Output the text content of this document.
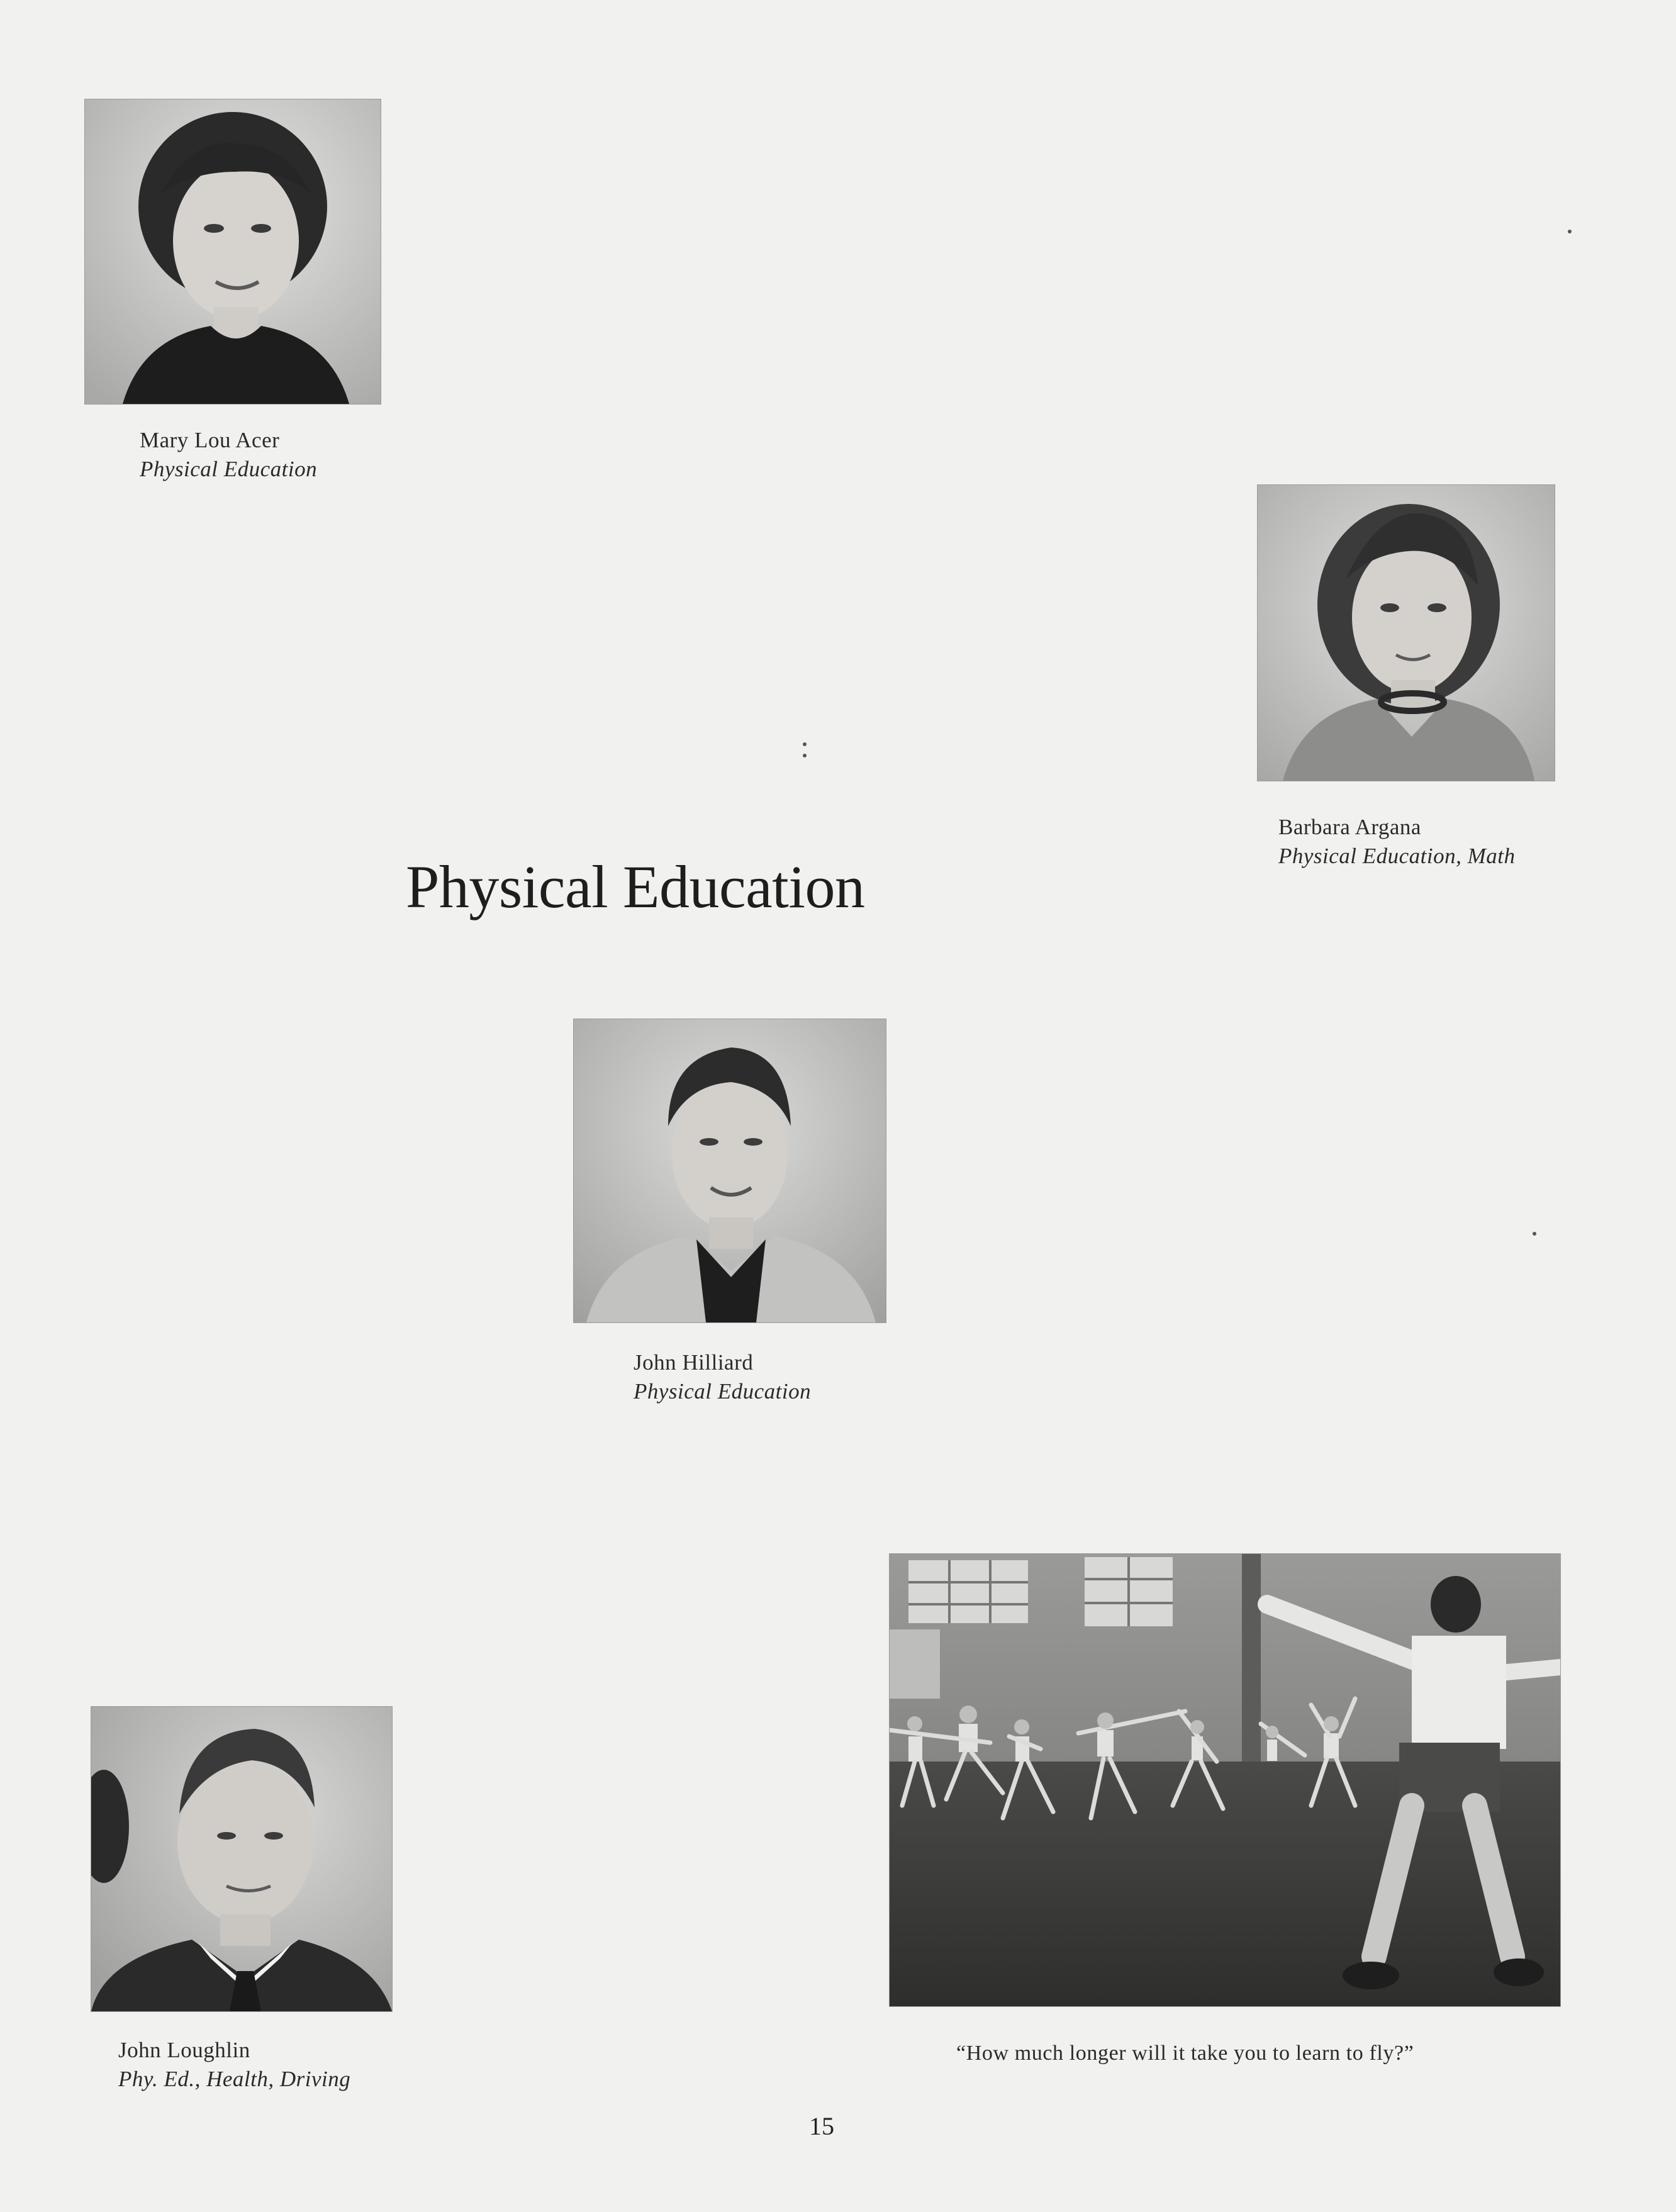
Mary Lou Acer
Physical Education
Barbara Argana
Physical Education, Math
Physical Education
John Hilliard
Physical Education
“How much longer will it take you to learn to fly?”
John Loughlin
Phy. Ed., Health, Driving
15
